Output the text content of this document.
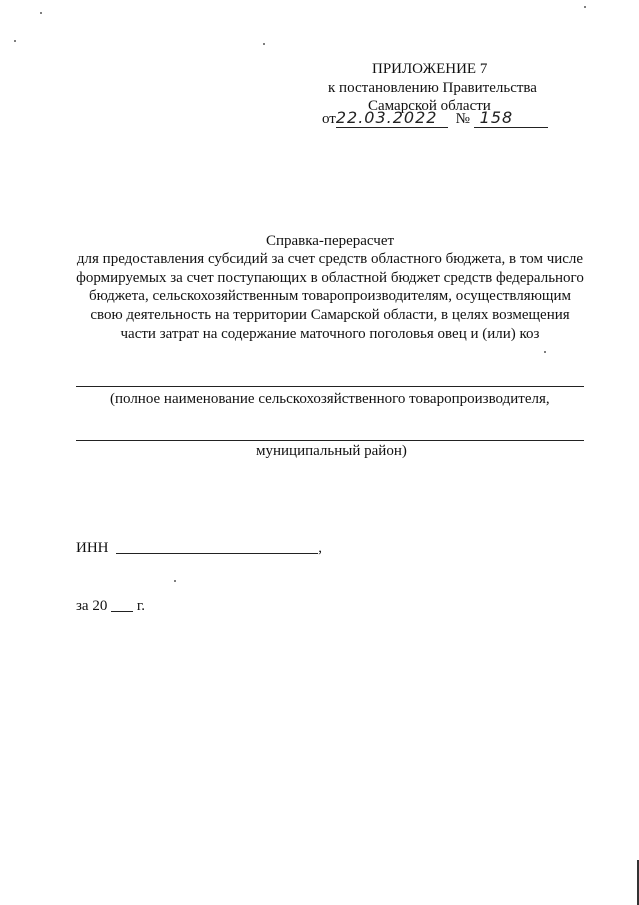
ПРИЛОЖЕНИЕ 7
к постановлению Правительства
Самарской области
от22.03.2022 № 158
Справка-перерасчет
для предоставления субсидий за счет средств областного бюджета, в том числе
формируемых за счет поступающих в областной бюджет средств федерального
бюджета, сельскохозяйственным товаропроизводителям, осуществляющим
свою деятельность на территории Самарской области, в целях возмещения
части затрат на содержание маточного поголовья овец и (или) коз
(полное наименование сельскохозяйственного товаропроизводителя,
муниципальный район)
ИНН	,
за 20 г.
